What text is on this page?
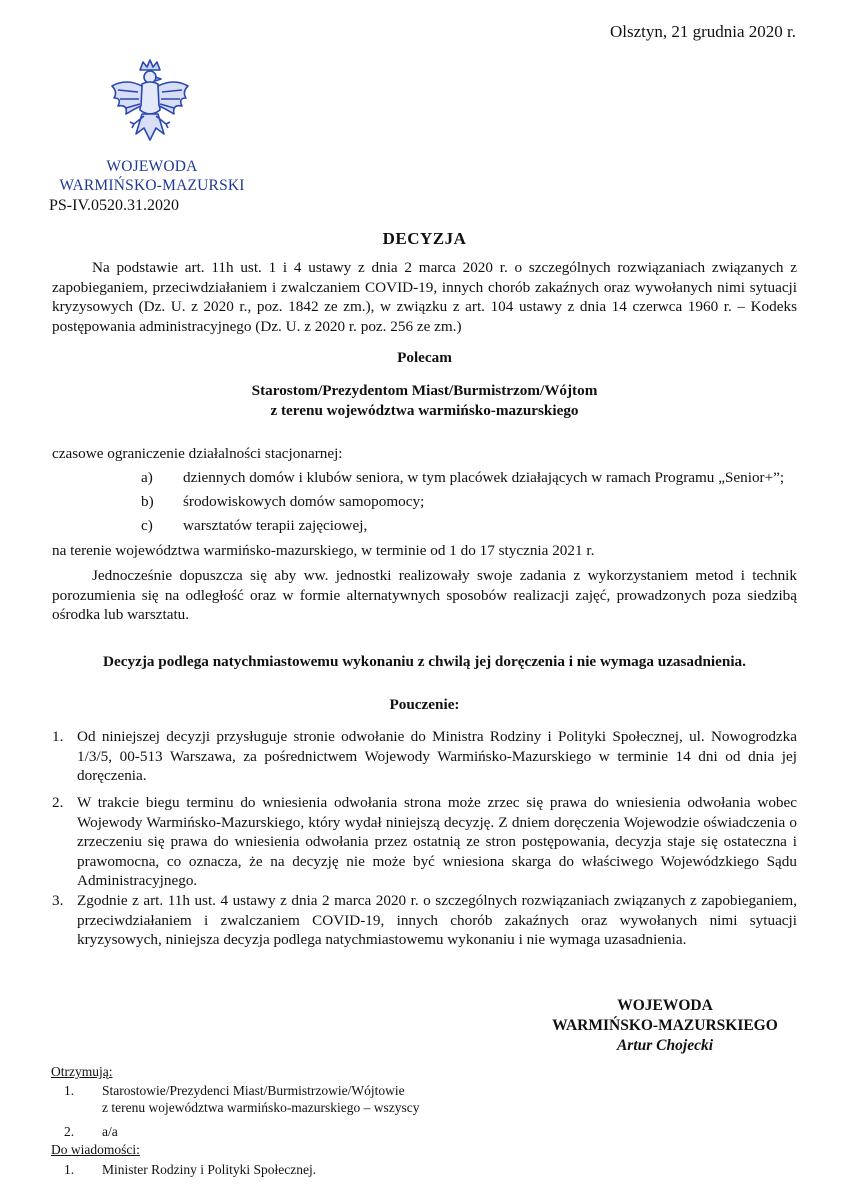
Olsztyn, 21 grudnia 2020 r.
WOJEWODA
WARMIŃSKO-MAZURSKI
PS-IV.0520.31.2020
DECYZJA
Na podstawie art. 11h ust. 1 i 4 ustawy z dnia 2 marca 2020 r. o szczególnych rozwiązaniach związanych z zapobieganiem, przeciwdziałaniem i zwalczaniem COVID-19, innych chorób zakaźnych oraz wywołanych nimi sytuacji kryzysowych (Dz. U. z 2020 r., poz. 1842 ze zm.), w związku z art. 104 ustawy z dnia 14 czerwca 1960 r. – Kodeks postępowania administracyjnego (Dz. U. z 2020 r. poz. 256 ze zm.)
Polecam
Starostom/Prezydentom Miast/Burmistrzom/Wójtom
z terenu województwa warmińsko-mazurskiego
czasowe ograniczenie działalności stacjonarnej:
a) dziennych domów i klubów seniora, w tym placówek działających w ramach Programu „Senior+”;
b) środowiskowych domów samopomocy;
c) warsztatów terapii zajęciowej,
na terenie województwa warmińsko-mazurskiego, w terminie od 1 do 17 stycznia 2021 r.
Jednocześnie dopuszcza się aby ww. jednostki realizowały swoje zadania z wykorzystaniem metod i technik porozumienia się na odległość oraz w formie alternatywnych sposobów realizacji zajęć, prowadzonych poza siedzibą ośrodka lub warsztatu.
Decyzja podlega natychmiastowemu wykonaniu z chwilą jej doręczenia i nie wymaga uzasadnienia.
Pouczenie:
1. Od niniejszej decyzji przysługuje stronie odwołanie do Ministra Rodziny i Polityki Społecznej, ul. Nowogrodzka 1/3/5, 00-513 Warszawa, za pośrednictwem Wojewody Warmińsko-Mazurskiego w terminie 14 dni od dnia jej doręczenia.
2. W trakcie biegu terminu do wniesienia odwołania strona może zrzec się prawa do wniesienia odwołania wobec Wojewody Warmińsko-Mazurskiego, który wydał niniejszą decyzję. Z dniem doręczenia Wojewodzie oświadczenia o zrzeczeniu się prawa do wniesienia odwołania przez ostatnią ze stron postępowania, decyzja staje się ostateczna i prawomocna, co oznacza, że na decyzję nie może być wniesiona skarga do właściwego Wojewódzkiego Sądu Administracyjnego.
3. Zgodnie z art. 11h ust. 4 ustawy z dnia 2 marca 2020 r. o szczególnych rozwiązaniach związanych z zapobieganiem, przeciwdziałaniem i zwalczaniem COVID-19, innych chorób zakaźnych oraz wywołanych nimi sytuacji kryzysowych, niniejsza decyzja podlega natychmiastowemu wykonaniu i nie wymaga uzasadnienia.
WOJEWODA
WARMIŃSKO-MAZURSKIEGO
Artur Chojecki
Otrzymują:
1. Starostowie/Prezydenci Miast/Burmistrzowie/Wójtowie
z terenu województwa warmińsko-mazurskiego – wszyscy
2. a/a
Do wiadomości:
1. Minister Rodziny i Polityki Społecznej.
